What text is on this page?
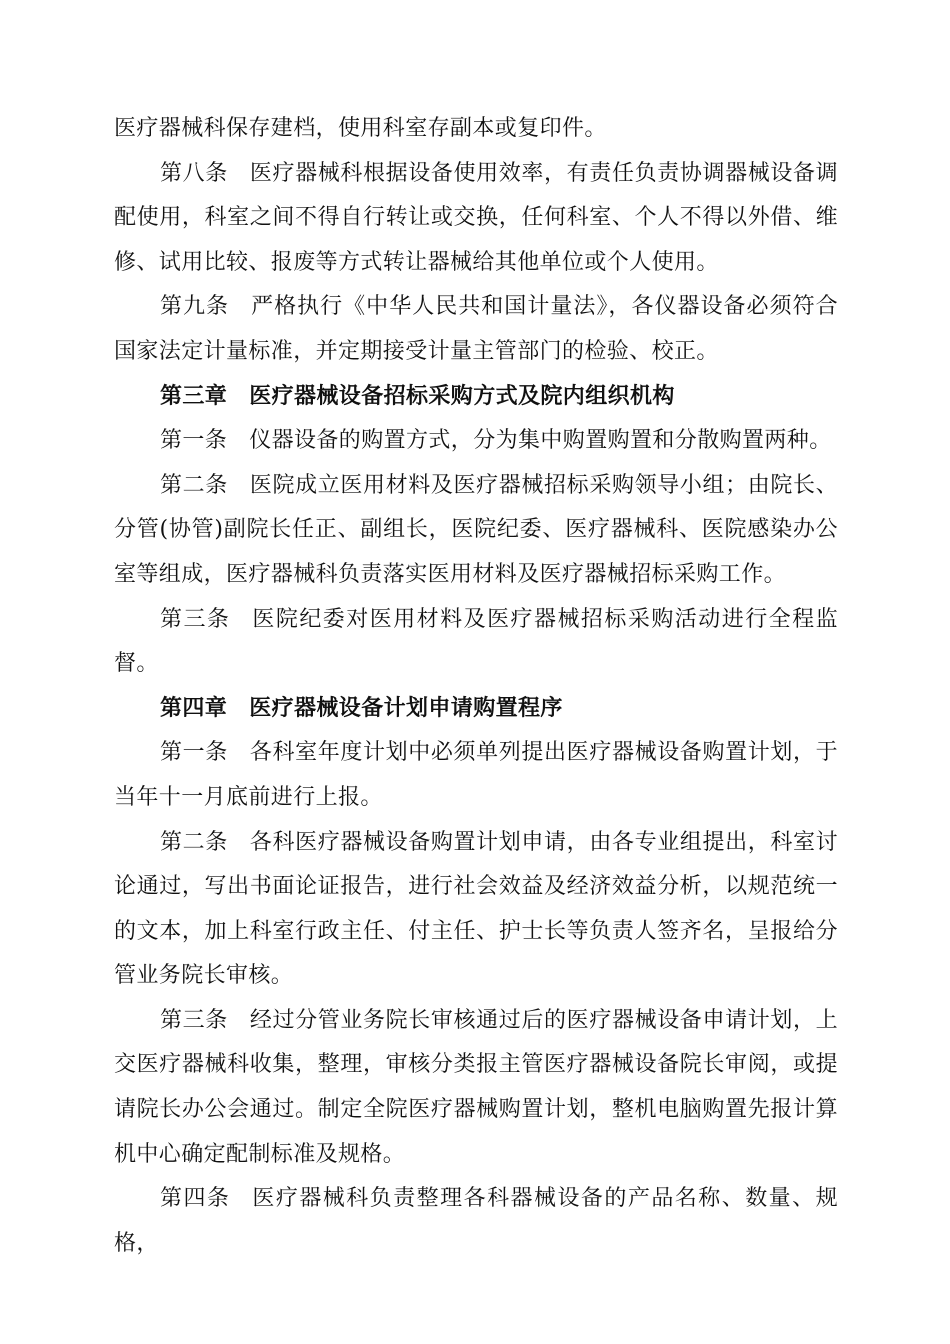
医疗器械科保存建档，使用科室存副本或复印件。

第八条 医疗器械科根据设备使用效率，有责任负责协调器械设备调配使用，科室之间不得自行转让或交换，任何科室、个人不得以外借、维修、试用比较、报废等方式转让器械给其他单位或个人使用。

第九条 严格执行《中华人民共和国计量法》，各仪器设备必须符合国家法定计量标准，并定期接受计量主管部门的检验、校正。

第三章 医疗器械设备招标采购方式及院内组织机构

第一条 仪器设备的购置方式，分为集中购置购置和分散购置两种。

第二条 医院成立医用材料及医疗器械招标采购领导小组；由院长、分管(协管)副院长任正、副组长，医院纪委、医疗器械科、医院感染办公室等组成，医疗器械科负责落实医用材料及医疗器械招标采购工作。

第三条 医院纪委对医用材料及医疗器械招标采购活动进行全程监督。

第四章 医疗器械设备计划申请购置程序

第一条 各科室年度计划中必须单列提出医疗器械设备购置计划，于当年十一月底前进行上报。

第二条 各科医疗器械设备购置计划申请，由各专业组提出，科室讨论通过，写出书面论证报告，进行社会效益及经济效益分析，以规范统一的文本，加上科室行政主任、付主任、护士长等负责人签齐名，呈报给分管业务院长审核。

第三条 经过分管业务院长审核通过后的医疗器械设备申请计划，上交医疗器械科收集，整理，审核分类报主管医疗器械设备院长审阅，或提请院长办公会通过。制定全院医疗器械购置计划，整机电脑购置先报计算机中心确定配制标准及规格。

第四条 医疗器械科负责整理各科器械设备的产品名称、数量、规格，
